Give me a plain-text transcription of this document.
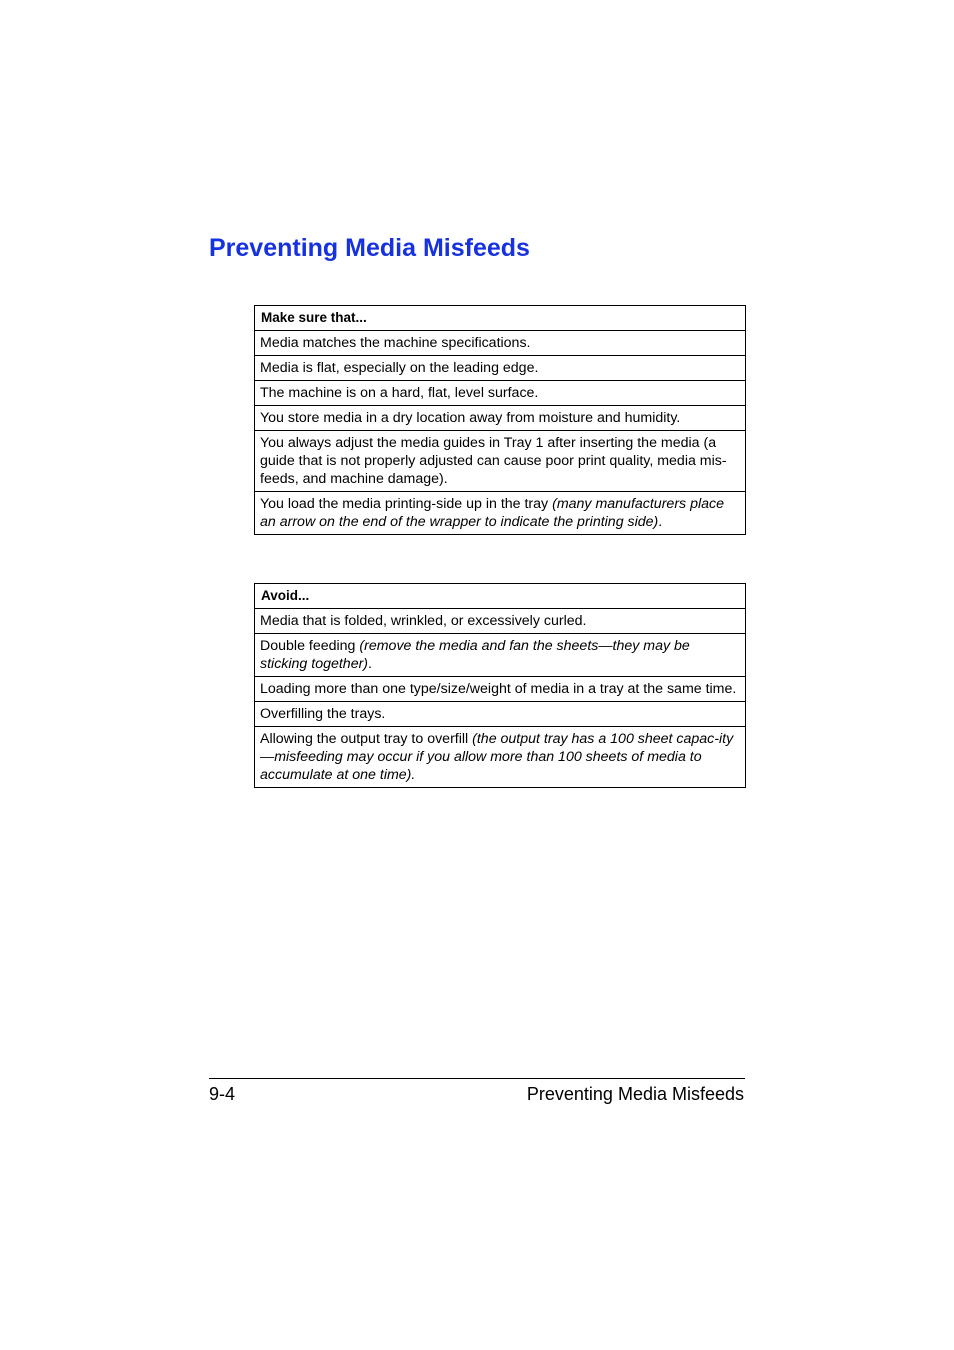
Preventing Media Misfeeds
Make sure that...
Media matches the machine specifications.
Media is flat, especially on the leading edge.
The machine is on a hard, flat, level surface.
You store media in a dry location away from moisture and humidity.
You always adjust the media guides in Tray 1 after inserting the media (a guide that is not properly adjusted can cause poor print quality, media mis-feeds, and machine damage).
You load the media printing-side up in the tray (many manufacturers place an arrow on the end of the wrapper to indicate the printing side).
Avoid...
Media that is folded, wrinkled, or excessively curled.
Double feeding (remove the media and fan the sheets—they may be sticking together).
Loading more than one type/size/weight of media in a tray at the same time.
Overfilling the trays.
Allowing the output tray to overfill (the output tray has a 100 sheet capac-ity—misfeeding may occur if you allow more than 100 sheets of media to accumulate at one time).
9-4	Preventing Media Misfeeds
